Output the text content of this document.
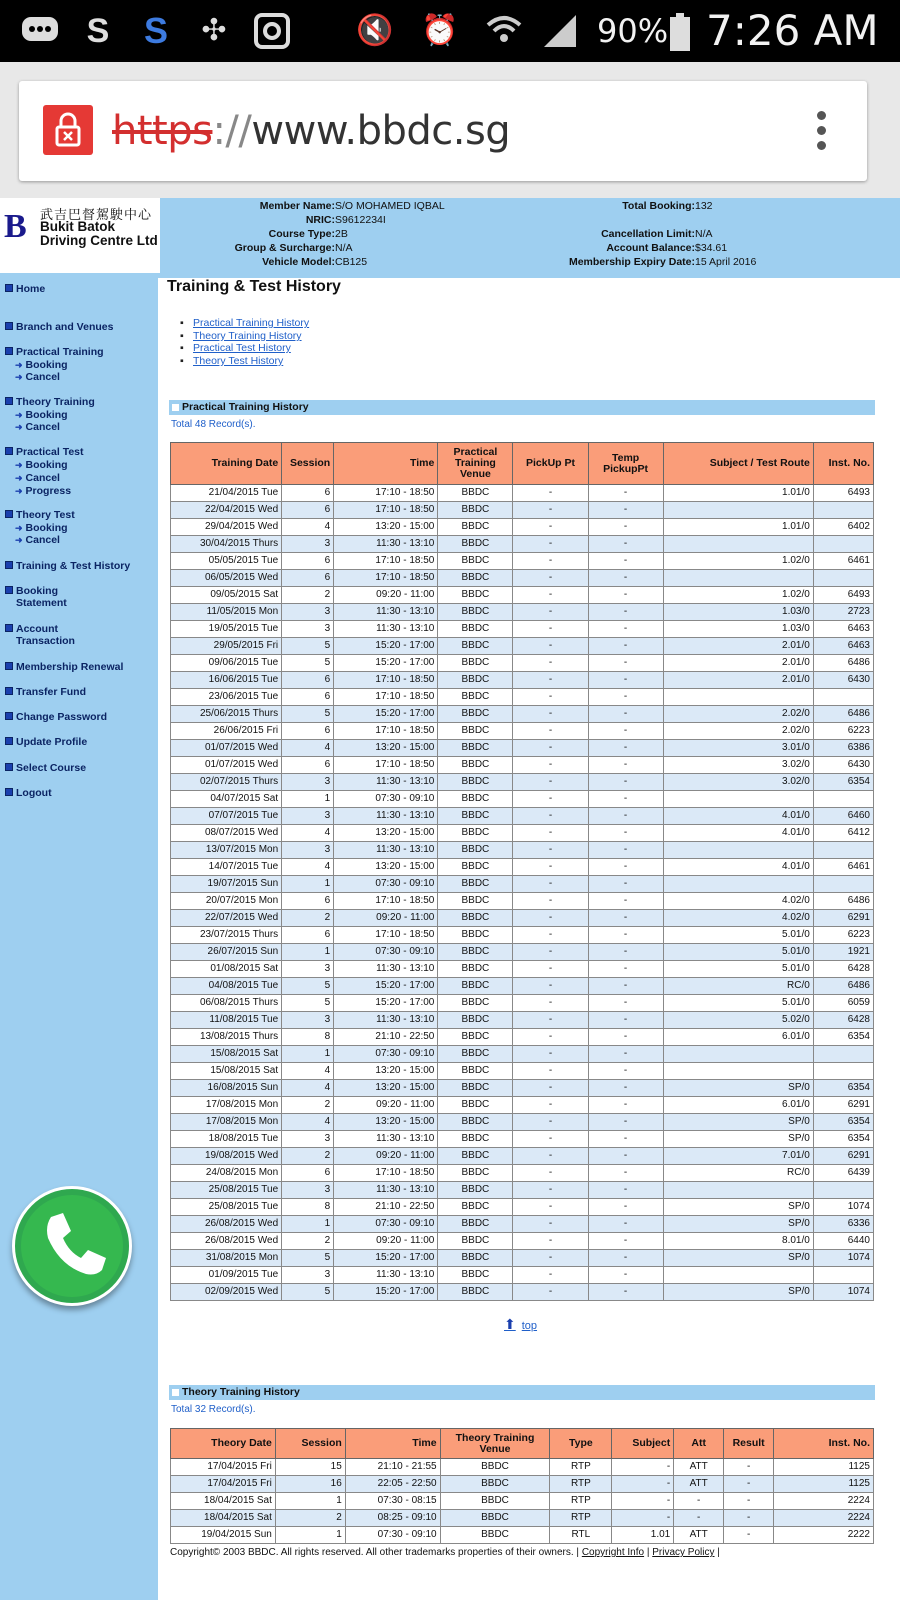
S S ✣	🔇 ⏰	90% 7:26 AM
https://www.bbdc.sg
B 武吉巴督駕駛中心
Bukit Batok Driving Centre Ltd
Member Name:S/O MOHAMED IQBAL
NRIC:S9612234I
Course Type:2B
Group & Surcharge:N/A
Vehicle Model:CB125
Total Booking:132
Cancellation Limit:N/A
Account Balance:$34.61
Membership Expiry Date:15 April 2016
Home
Branch and Venues
Practical Training
➜ Booking
➜ Cancel
Theory Training
➜ Booking
➜ Cancel
Practical Test
➜ Booking
➜ Cancel
➜ Progress
Theory Test
➜ Booking
➜ Cancel
Training & Test History
Booking
Statement
Account
Transaction
Membership Renewal
Transfer Fund
Change Password
Update Profile
Select Course
Logout
Training & Test History
▪ Practical Training History
▪ Theory Training History
▪ Practical Test History
▪ Theory Test History
Practical Training History
Total 48 Record(s).
Training Date	Session	Time	Practical Training Venue	PickUp Pt	Temp PickupPt	Subject / Test Route	Inst. No.
21/04/2015 Tue	6	17:10 - 18:50	BBDC	-	-	1.01/0	6493
22/04/2015 Wed	6	17:10 - 18:50	BBDC	-	-		
29/04/2015 Wed	4	13:20 - 15:00	BBDC	-	-	1.01/0	6402
30/04/2015 Thurs	3	11:30 - 13:10	BBDC	-	-		
05/05/2015 Tue	6	17:10 - 18:50	BBDC	-	-	1.02/0	6461
06/05/2015 Wed	6	17:10 - 18:50	BBDC	-	-		
09/05/2015 Sat	2	09:20 - 11:00	BBDC	-	-	1.02/0	6493
11/05/2015 Mon	3	11:30 - 13:10	BBDC	-	-	1.03/0	2723
19/05/2015 Tue	3	11:30 - 13:10	BBDC	-	-	1.03/0	6463
29/05/2015 Fri	5	15:20 - 17:00	BBDC	-	-	2.01/0	6463
09/06/2015 Tue	5	15:20 - 17:00	BBDC	-	-	2.01/0	6486
16/06/2015 Tue	6	17:10 - 18:50	BBDC	-	-	2.01/0	6430
23/06/2015 Tue	6	17:10 - 18:50	BBDC	-	-		
25/06/2015 Thurs	5	15:20 - 17:00	BBDC	-	-	2.02/0	6486
26/06/2015 Fri	6	17:10 - 18:50	BBDC	-	-	2.02/0	6223
01/07/2015 Wed	4	13:20 - 15:00	BBDC	-	-	3.01/0	6386
01/07/2015 Wed	6	17:10 - 18:50	BBDC	-	-	3.02/0	6430
02/07/2015 Thurs	3	11:30 - 13:10	BBDC	-	-	3.02/0	6354
04/07/2015 Sat	1	07:30 - 09:10	BBDC	-	-		
07/07/2015 Tue	3	11:30 - 13:10	BBDC	-	-	4.01/0	6460
08/07/2015 Wed	4	13:20 - 15:00	BBDC	-	-	4.01/0	6412
13/07/2015 Mon	3	11:30 - 13:10	BBDC	-	-		
14/07/2015 Tue	4	13:20 - 15:00	BBDC	-	-	4.01/0	6461
19/07/2015 Sun	1	07:30 - 09:10	BBDC	-	-		
20/07/2015 Mon	6	17:10 - 18:50	BBDC	-	-	4.02/0	6486
22/07/2015 Wed	2	09:20 - 11:00	BBDC	-	-	4.02/0	6291
23/07/2015 Thurs	6	17:10 - 18:50	BBDC	-	-	5.01/0	6223
26/07/2015 Sun	1	07:30 - 09:10	BBDC	-	-	5.01/0	1921
01/08/2015 Sat	3	11:30 - 13:10	BBDC	-	-	5.01/0	6428
04/08/2015 Tue	5	15:20 - 17:00	BBDC	-	-	RC/0	6486
06/08/2015 Thurs	5	15:20 - 17:00	BBDC	-	-	5.01/0	6059
11/08/2015 Tue	3	11:30 - 13:10	BBDC	-	-	5.02/0	6428
13/08/2015 Thurs	8	21:10 - 22:50	BBDC	-	-	6.01/0	6354
15/08/2015 Sat	1	07:30 - 09:10	BBDC	-	-		
15/08/2015 Sat	4	13:20 - 15:00	BBDC	-	-		
16/08/2015 Sun	4	13:20 - 15:00	BBDC	-	-	SP/0	6354
17/08/2015 Mon	2	09:20 - 11:00	BBDC	-	-	6.01/0	6291
17/08/2015 Mon	4	13:20 - 15:00	BBDC	-	-	SP/0	6354
18/08/2015 Tue	3	11:30 - 13:10	BBDC	-	-	SP/0	6354
19/08/2015 Wed	2	09:20 - 11:00	BBDC	-	-	7.01/0	6291
24/08/2015 Mon	6	17:10 - 18:50	BBDC	-	-	RC/0	6439
25/08/2015 Tue	3	11:30 - 13:10	BBDC	-	-		
25/08/2015 Tue	8	21:10 - 22:50	BBDC	-	-	SP/0	1074
26/08/2015 Wed	1	07:30 - 09:10	BBDC	-	-	SP/0	6336
26/08/2015 Wed	2	09:20 - 11:00	BBDC	-	-	8.01/0	6440
31/08/2015 Mon	5	15:20 - 17:00	BBDC	-	-	SP/0	1074
01/09/2015 Tue	3	11:30 - 13:10	BBDC	-	-		
02/09/2015 Wed	5	15:20 - 17:00	BBDC	-	-	SP/0	1074
⬆ top
Theory Training History
Total 32 Record(s).
Theory Date	Session	Time	Theory Training Venue	Type	Subject	Att	Result	Inst. No.
17/04/2015 Fri	15	21:10 - 21:55	BBDC	RTP	-	ATT	-	1125
17/04/2015 Fri	16	22:05 - 22:50	BBDC	RTP	-	ATT	-	1125
18/04/2015 Sat	1	07:30 - 08:15	BBDC	RTP	-	-	-	2224
18/04/2015 Sat	2	08:25 - 09:10	BBDC	RTP	-	-	-	2224
19/04/2015 Sun	1	07:30 - 09:10	BBDC	RTL	1.01	ATT	-	2222
Copyright© 2003 BBDC. All rights reserved. All other trademarks properties of their owners. | Copyright Info | Privacy Policy |
